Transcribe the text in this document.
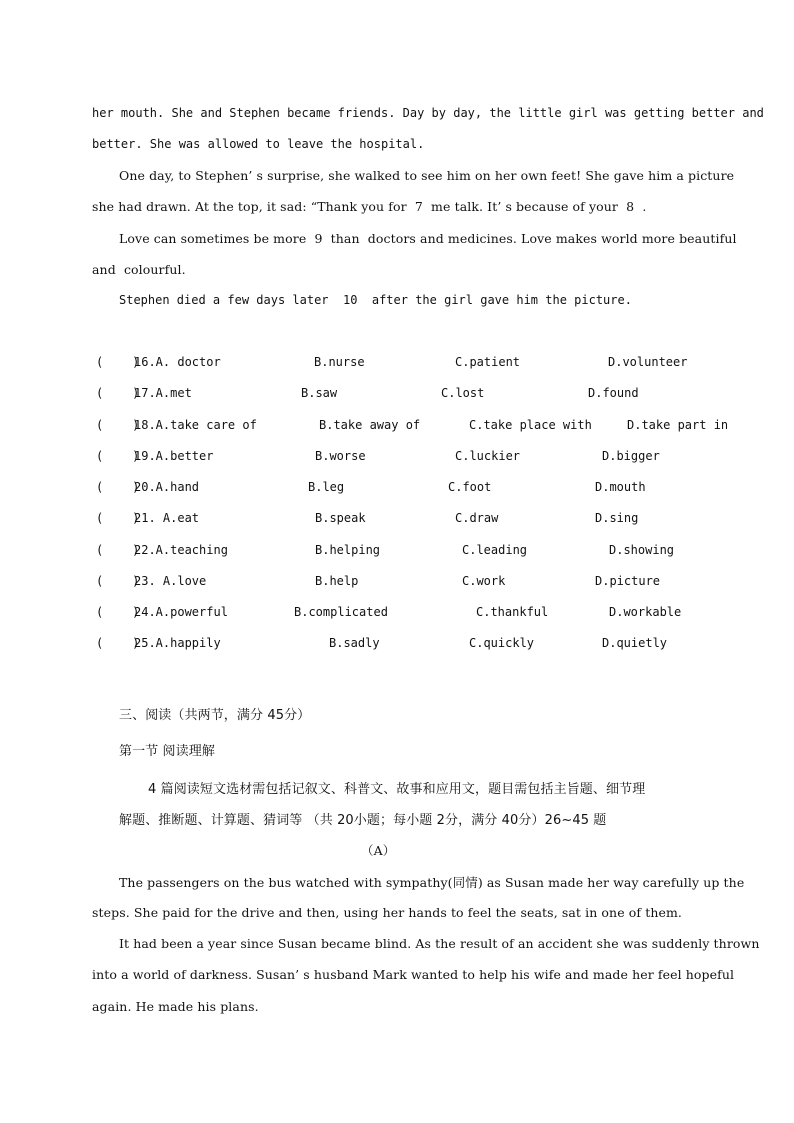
her mouth. She and Stephen became friends. Day by day, the little girl was getting better and
better. She was allowed to leave the hospital.
One day, to Stephen’ s surprise, she walked to see him on her own feet! She gave him a picture
she had drawn. At the top, it sad: “Thank you for  7  me talk. It’ s because of your  8  .
Love can sometimes be more  9  than  doctors and medicines. Love makes world more beautiful
and  colourful.
Stephen died a few days later  10  after the girl gave him the picture.
(    )
16.A. doctor	B.nurse	C.patient	D.volunteer
(    )
17.A.met	B.saw	C.lost	D.found
(    )
18.A.take care of	B.take away of	C.take place with	D.take part in
(    )
19.A.better	B.worse	C.luckier	D.bigger
(    )
20.A.hand	B.leg	C.foot	D.mouth
(    )
21. A.eat	B.speak	C.draw	D.sing
(    )
22.A.teaching	B.helping	C.leading	D.showing
(    )
23. A.love	B.help	C.work	D.picture
(    )
24.A.powerful	B.complicated	C.thankful	D.workable
(    )
25.A.happily	B.sadly	C.quickly	D.quietly
三、阅读（共两节，满分 45分）
第一节 阅读理解
4 篇阅读短文选材需包括记叙文、科普文、故事和应用文，题目需包括主旨题、细节理
解题、推断题、计算题、猜词等 （共 20小题；每小题 2分，满分 40分）26~45 题
（A）
The passengers on the bus watched with sympathy(同情) as Susan made her way carefully up the
steps. She paid for the drive and then, using her hands to feel the seats, sat in one of them.
It had been a year since Susan became blind. As the result of an accident she was suddenly thrown
into a world of darkness. Susan’ s husband Mark wanted to help his wife and made her feel hopeful
again. He made his plans.
